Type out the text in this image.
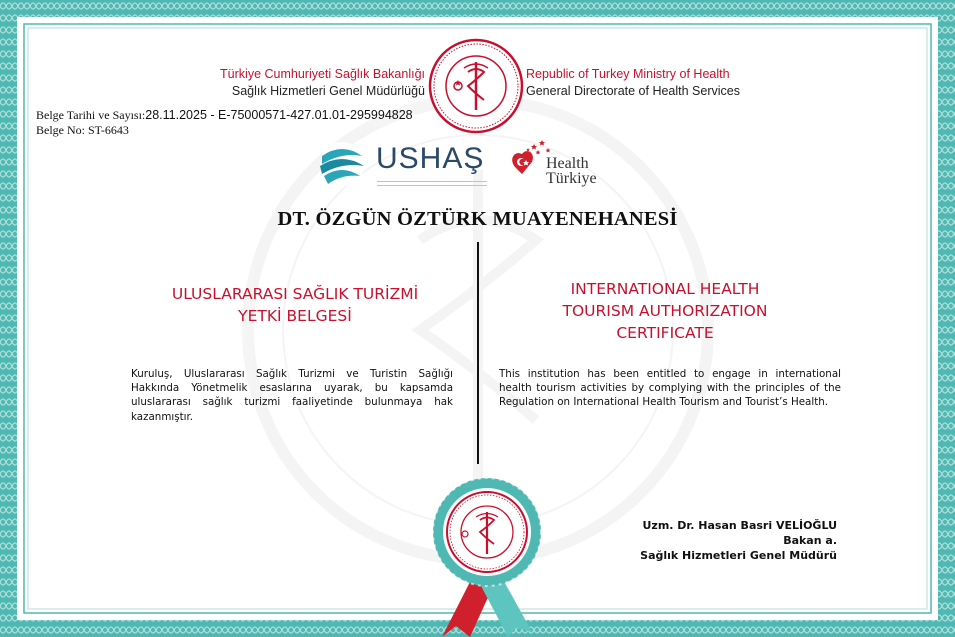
Türkiye Cumhuriyeti Sağlık Bakanlığı
Sağlık Hizmetleri Genel Müdürlüğü
Republic of Turkey Ministry of Health
General Directorate of Health Services
Belge Tarihi ve Sayısı:28.11.2025 - E-75000571-427.01.01-295994828
Belge No: ST-6643
USHAŞ	Health
Türkiye
DT. ÖZGÜN ÖZTÜRK MUAYENEHANESİ
ULUSLARARASI SAĞLIK TURİZMİ
YETKİ BELGESİ
INTERNATIONAL HEALTH
TOURISM AUTHORIZATION
CERTIFICATE
Kuruluş, Uluslararası Sağlık Turizmi ve Turistin Sağlığı Hakkında Yönetmelik esaslarına uyarak, bu kapsamda uluslararası sağlık turizmi faaliyetinde bulunmaya hak kazanmıştır.
This institution has been entitled to engage in international health tourism activities by complying with the principles of the Regulation on International Health Tourism and Tourist’s Health.
Uzm. Dr. Hasan Basri VELİOĞLU
Bakan a.
Sağlık Hizmetleri Genel Müdürü
